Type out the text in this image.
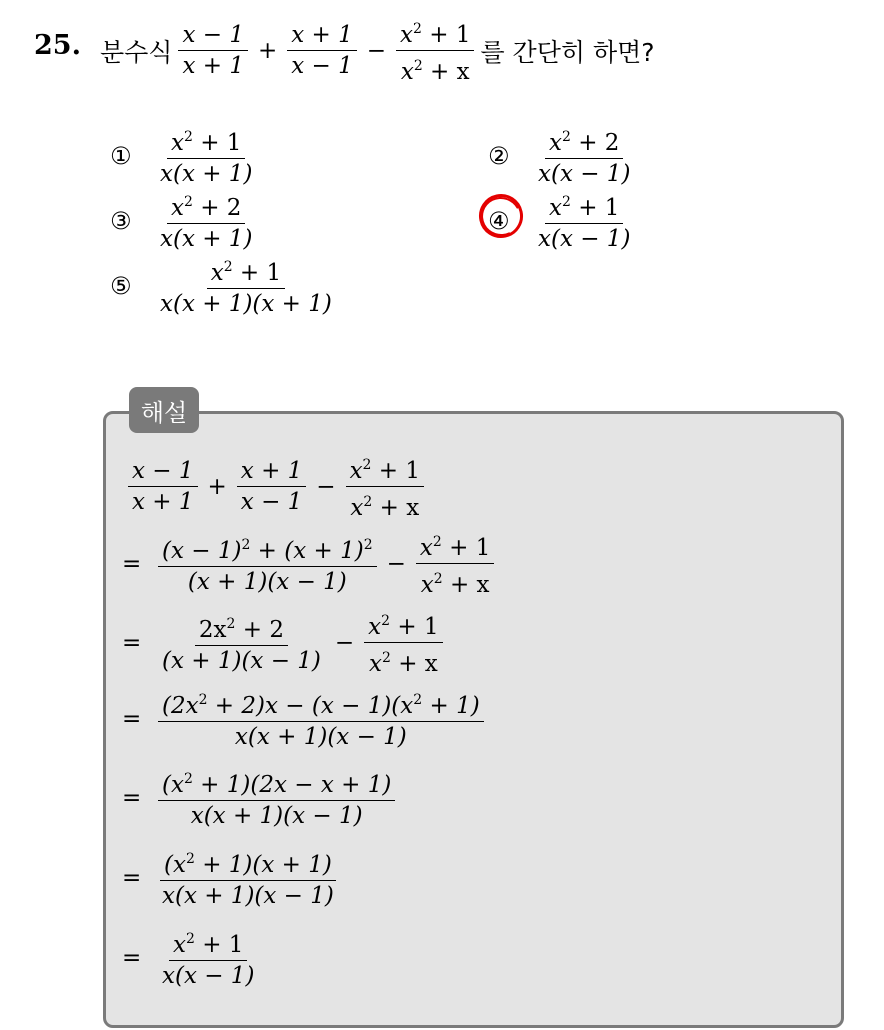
25. 분수식 $\frac{x - 1}{x + 1} + \frac{x + 1}{x - 1} - \frac{x^2 + 1}{x^2 + x}$ 를 간단히 하면?
①	$\frac{x^2 + 1}{x(x + 1)}$	②	$\frac{x^2 + 2}{x(x - 1)}$
③	$\frac{x^2 + 2}{x(x + 1)}$	④	$\frac{x^2 + 1}{x(x - 1)}$
⑤	$\frac{x^2 + 1}{x(x + 1)(x + 1)}$
해설
$\frac{x - 1}{x + 1} + \frac{x + 1}{x - 1} - \frac{x^2 + 1}{x^2 + x}$
= $\frac{(x - 1)^2 + (x + 1)^2}{(x + 1)(x - 1)} - \frac{x^2 + 1}{x^2 + x}$
= $\frac{2x^2 + 2}{(x + 1)(x - 1)} - \frac{x^2 + 1}{x^2 + x}$
= $\frac{(2x^2 + 2)x - (x - 1)(x^2 + 1)}{x(x + 1)(x - 1)}$
= $\frac{(x^2 + 1)(2x - x + 1)}{x(x + 1)(x - 1)}$
= $\frac{(x^2 + 1)(x + 1)}{x(x + 1)(x - 1)}$
= $\frac{x^2 + 1}{x(x - 1)}$
